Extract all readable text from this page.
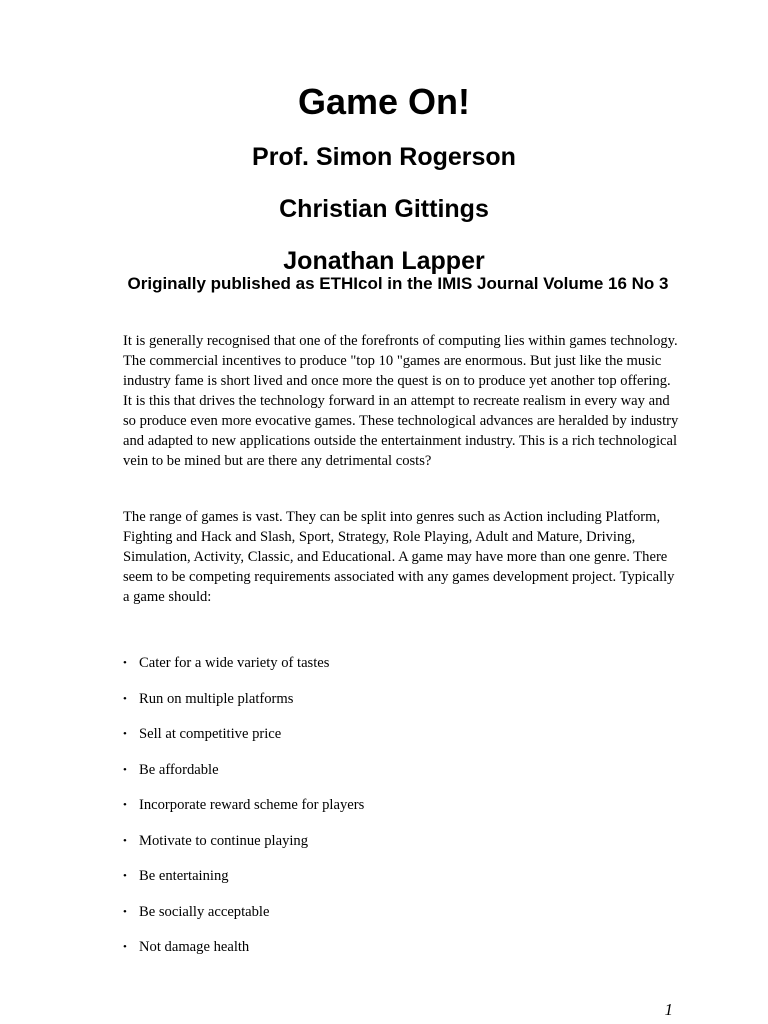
Game On!

Prof. Simon Rogerson

Christian Gittings

Jonathan Lapper

Originally published as ETHIcol in the IMIS Journal Volume 16 No 3

It is generally recognised that one of the forefronts of computing lies within games technology. The commercial incentives to produce "top 10 "games are enormous. But just like the music industry fame is short lived and once more the quest is on to produce yet another top offering. It is this that drives the technology forward in an attempt to recreate realism in every way and so produce even more evocative games. These technological advances are heralded by industry and adapted to new applications outside the entertainment industry. This is a rich technological vein to be mined but are there any detrimental costs?

The range of games is vast. They can be split into genres such as Action including Platform, Fighting and Hack and Slash, Sport, Strategy, Role Playing, Adult and Mature, Driving, Simulation, Activity, Classic, and Educational. A game may have more than one genre. There seem to be competing requirements associated with any games development project. Typically a game should:

• Cater for a wide variety of tastes
• Run on multiple platforms
• Sell at competitive price
• Be affordable
• Incorporate reward scheme for players
• Motivate to continue playing
• Be entertaining
• Be socially acceptable
• Not damage health
1
